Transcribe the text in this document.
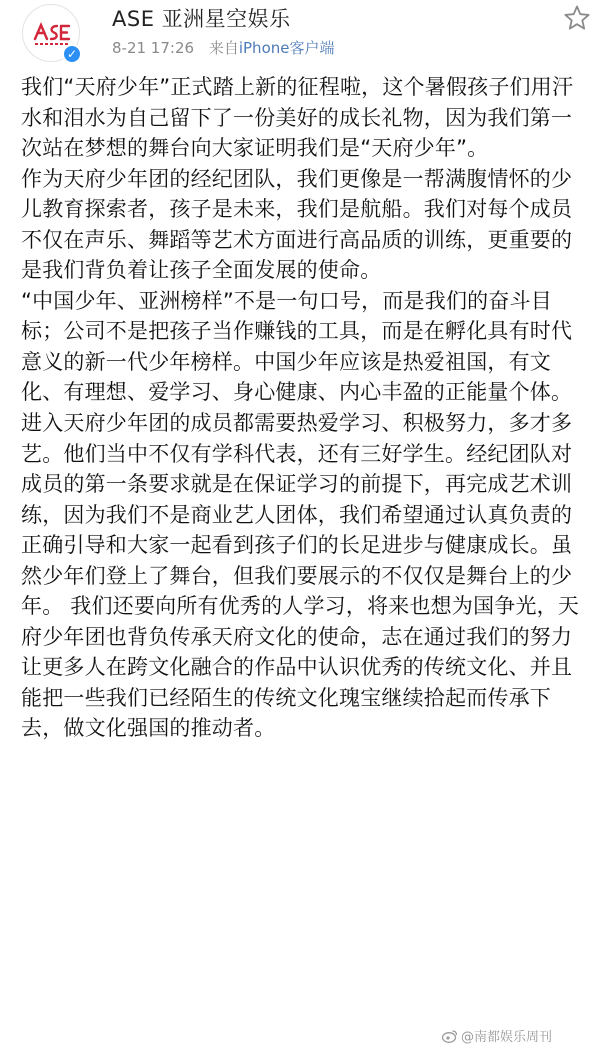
✓
ASE 亚洲星空娱乐
8-21 17:26 来自iPhone客户端

我们“天府少年”正式踏上新的征程啦，这个暑假孩子们用汗水和泪水为自己留下了一份美好的成长礼物，因为我们第一次站在梦想的舞台向大家证明我们是“天府少年”。

作为天府少年团的经纪团队，我们更像是一帮满腹情怀的少儿教育探索者，孩子是未来，我们是航船。我们对每个成员不仅在声乐、舞蹈等艺术方面进行高品质的训练，更重要的是我们背负着让孩子全面发展的使命。

“中国少年、亚洲榜样”不是一句口号，而是我们的奋斗目标；公司不是把孩子当作赚钱的工具，而是在孵化具有时代意义的新一代少年榜样。中国少年应该是热爱祖国，有文化、有理想、爱学习、身心健康、内心丰盈的正能量个体。

进入天府少年团的成员都需要热爱学习、积极努力，多才多艺。他们当中不仅有学科代表，还有三好学生。经纪团队对成员的第一条要求就是在保证学习的前提下，再完成艺术训练，因为我们不是商业艺人团体，我们希望通过认真负责的正确引导和大家一起看到孩子们的长足进步与健康成长。虽然少年们登上了舞台，但我们要展示的不仅仅是舞台上的少年。 我们还要向所有优秀的人学习，将来也想为国争光，天府少年团也背负传承天府文化的使命，志在通过我们的努力让更多人在跨文化融合的作品中认识优秀的传统文化、并且能把一些我们已经陌生的传统文化瑰宝继续拾起而传承下去，做文化强国的推动者。

@南都娱乐周刊
